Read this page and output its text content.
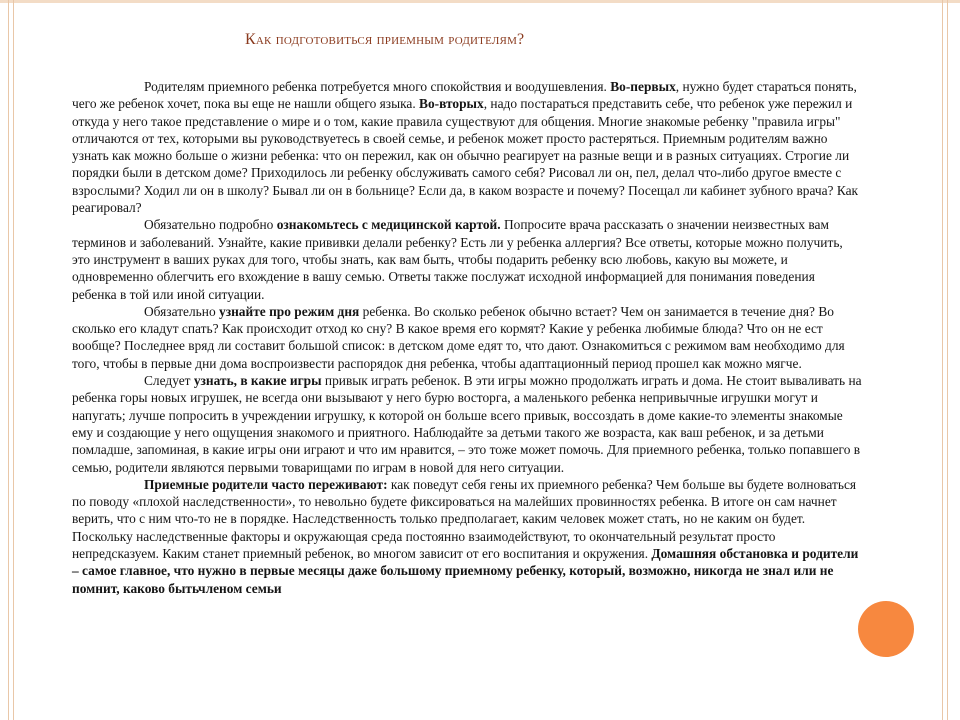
Как подготовиться приемным родителям?

Родителям приемного ребенка потребуется много спокойствия и воодушевления. Во-первых, нужно будет стараться понять, чего же ребенок хочет, пока вы еще не нашли общего языка. Во-вторых, надо постараться представить себе, что ребенок уже пережил и откуда у него такое представление о мире и о том, какие правила существуют для общения. Многие знакомые ребенку "правила игры" отличаются от тех, которыми вы руководствуетесь в своей семье, и ребенок может просто растеряться. Приемным родителям важно узнать как можно больше о жизни ребенка: что он пережил, как он обычно реагирует на разные вещи и в разных ситуациях. Строгие ли порядки были в детском доме? Приходилось ли ребенку обслуживать самого себя? Рисовал ли он, пел, делал что-либо другое вместе с взрослыми? Ходил ли он в школу? Бывал ли он в больнице? Если да, в каком возрасте и почему? Посещал ли кабинет зубного врача? Как реагировал?

Обязательно подробно ознакомьтесь с медицинской картой. Попросите врача рассказать о значении неизвестных вам терминов и заболеваний. Узнайте, какие прививки делали ребенку? Есть ли у ребенка аллергия? Все ответы, которые можно получить, это инструмент в ваших руках для того, чтобы знать, как вам быть, чтобы подарить ребенку всю любовь, какую вы можете, и одновременно облегчить его вхождение в вашу семью. Ответы также послужат исходной информацией для понимания поведения ребенка в той или иной ситуации.

Обязательно узнайте про режим дня ребенка. Во сколько ребенок обычно встает? Чем он занимается в течение дня? Во сколько его кладут спать? Как происходит отход ко сну? В какое время его кормят? Какие у ребенка любимые блюда? Что он не ест вообще? Последнее вряд ли составит большой список: в детском доме едят то, что дают. Ознакомиться с режимом вам необходимо для того, чтобы в первые дни дома воспроизвести распорядок дня ребенка, чтобы адаптационный период прошел как можно мягче.

Следует узнать, в какие игры привык играть ребенок. В эти игры можно продолжать играть и дома. Не стоит вываливать на ребенка горы новых игрушек, не всегда они вызывают у него бурю восторга, а маленького ребенка непривычные игрушки могут и напугать; лучше попросить в учреждении игрушку, к которой он больше всего привык, воссоздать в доме какие-то элементы знакомые ему и создающие у него ощущения знакомого и приятного. Наблюдайте за детьми такого же возраста, как ваш ребенок, и за детьми помладше, запоминая, в какие игры они играют и что им нравится, – это тоже может помочь. Для приемного ребенка, только попавшего в семью, родители являются первыми товарищами по играм в новой для него ситуации.

Приемные родители часто переживают: как поведут себя гены их приемного ребенка? Чем больше вы будете волноваться по поводу «плохой наследственности», то невольно будете фиксироваться на малейших провинностях ребенка. В итоге он сам начнет верить, что с ним что-то не в порядке. Наследственность только предполагает, каким человек может стать, но не каким он будет. Поскольку наследственные факторы и окружающая среда постоянно взаимодействуют, то окончательный результат просто непредсказуем. Каким станет приемный ребенок, во многом зависит от его воспитания и окружения. Домашняя обстановка и родители – самое главное, что нужно в первые месяцы даже большому приемному ребенку, который, возможно, никогда не знал или не помнит, каково бытьчленом семьи
